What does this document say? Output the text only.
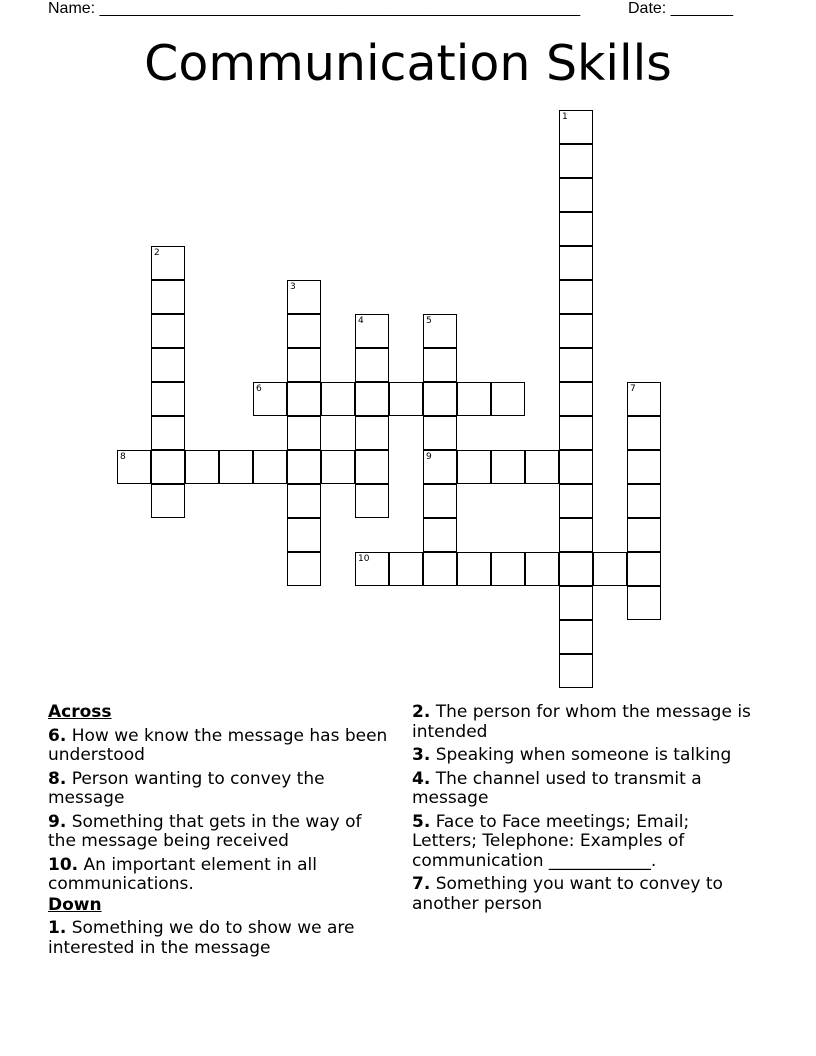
Name: ______________________________________________________	Date: _______
Communication Skills
1
2
3
4	5
9
6	7
8
10
Across
6. How we know the message has been understood
8. Person wanting to convey the message
9. Something that gets in the way of the message being received
10. An important element in all communications.
Down
1. Something we do to show we are interested in the message
2. The person for whom the message is intended
3. Speaking when someone is talking
4. The channel used to transmit a message
5. Face to Face meetings; Email; Letters; Telephone: Examples of communication ____________.
7. Something you want to convey to another person
